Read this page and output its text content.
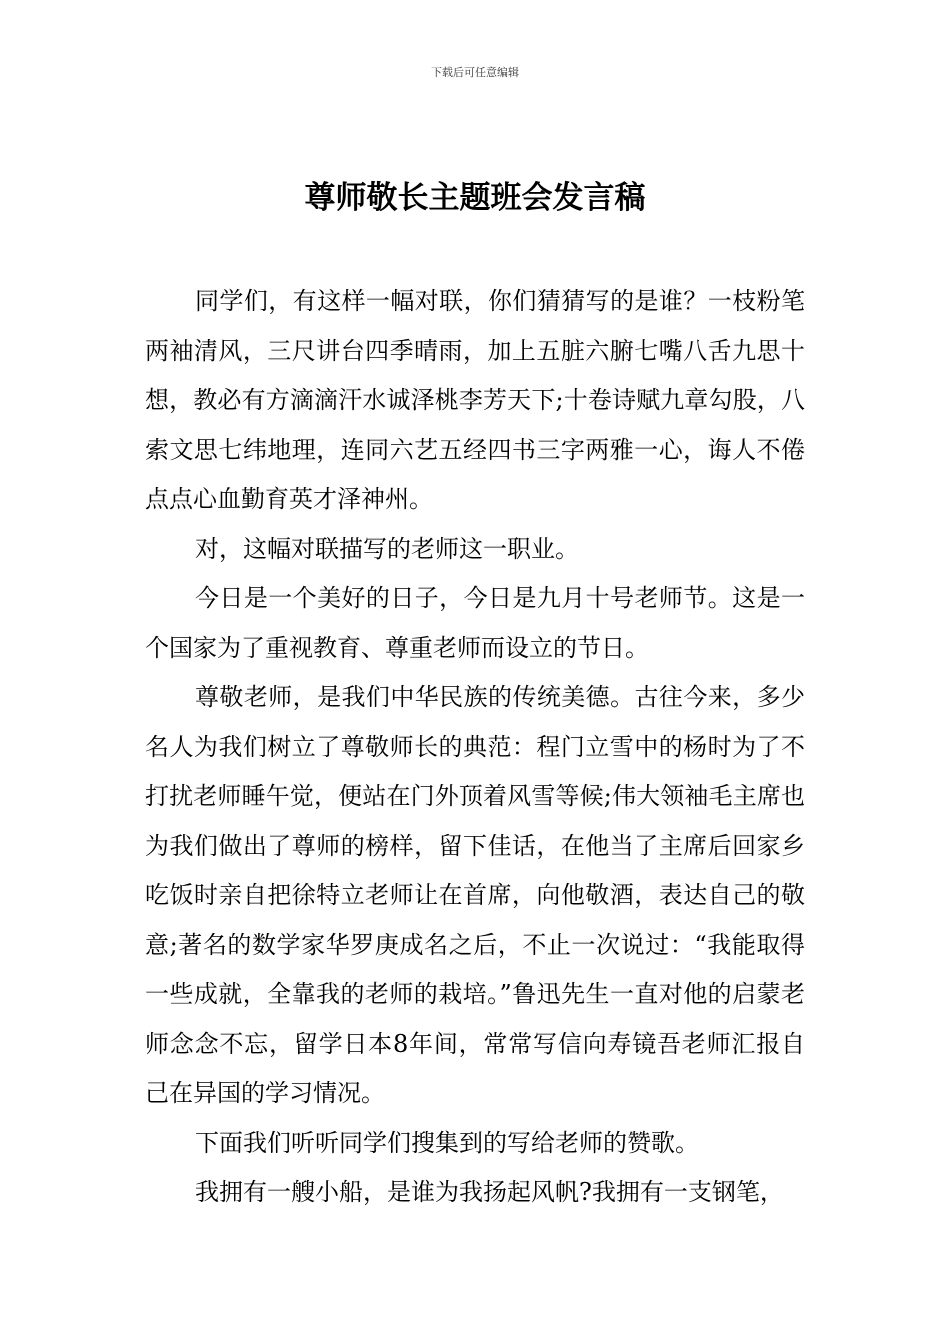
下载后可任意编辑
尊师敬长主题班会发言稿

同学们，有这样一幅对联，你们猜猜写的是谁？一枝粉笔两袖清风，三尺讲台四季晴雨，加上五脏六腑七嘴八舌九思十想，教必有方滴滴汗水诚泽桃李芳天下;十卷诗赋九章勾股，八索文思七纬地理，连同六艺五经四书三字两雅一心，诲人不倦点点心血勤育英才泽神州。

对，这幅对联描写的老师这一职业。

今日是一个美好的日子，今日是九月十号老师节。这是一个国家为了重视教育、尊重老师而设立的节日。

尊敬老师，是我们中华民族的传统美德。古往今来，多少名人为我们树立了尊敬师长的典范：程门立雪中的杨时为了不打扰老师睡午觉，便站在门外顶着风雪等候;伟大领袖毛主席也为我们做出了尊师的榜样，留下佳话，在他当了主席后回家乡吃饭时亲自把徐特立老师让在首席，向他敬酒，表达自己的敬意;著名的数学家华罗庚成名之后，不止一次说过：“我能取得一些成就，全靠我的老师的栽培。”鲁迅先生一直对他的启蒙老师念念不忘，留学日本8年间，常常写信向寿镜吾老师汇报自己在异国的学习情况。

下面我们听听同学们搜集到的写给老师的赞歌。

我拥有一艘小船，是谁为我扬起风帆?我拥有一支钢笔，
